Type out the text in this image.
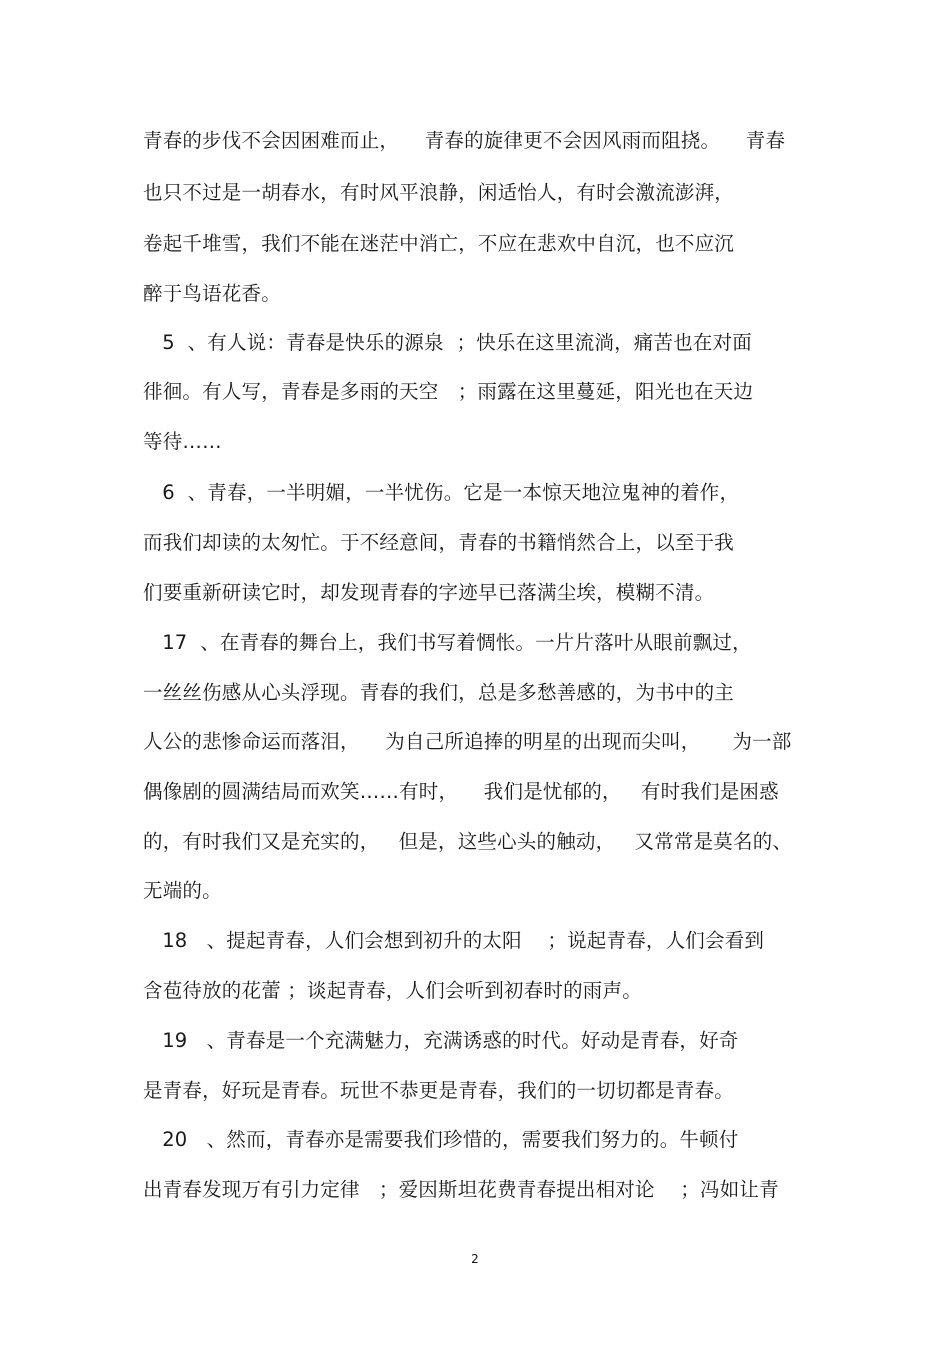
青春的步伐不会因困难而止，    青春的旋律更不会因风雨而阻挠。    青春
也只不过是一胡春水，有时风平浪静，闲适怡人，有时会激流澎湃，
卷起千堆雪，我们不能在迷茫中消亡，不应在悲欢中自沉，也不应沉
醉于鸟语花香。
5  、有人说：青春是快乐的源泉  ；快乐在这里流淌，痛苦也在对面
徘徊。有人写，青春是多雨的天空   ；雨露在这里蔓延，阳光也在天边
等待……
6  、青春，一半明媚，一半忧伤。它是一本惊天地泣鬼神的着作，
而我们却读的太匆忙。于不经意间，青春的书籍悄然合上，以至于我
们要重新研读它时，却发现青春的字迹早已落满尘埃，模糊不清。
17  、在青春的舞台上，我们书写着惆怅。一片片落叶从眼前飘过，
一丝丝伤感从心头浮现。青春的我们，总是多愁善感的，为书中的主
人公的悲惨命运而落泪，    为自己所追捧的明星的出现而尖叫，     为一部
偶像剧的圆满结局而欢笑……有时，    我们是忧郁的，   有时我们是困惑
的，有时我们又是充实的，   但是，这些心头的触动，   又常常是莫名的、
无端的。
18   、提起青春，人们会想到初升的太阳    ；说起青春，人们会看到
含苞待放的花蕾 ；谈起青春，人们会听到初春时的雨声。
19   、青春是一个充满魅力，充满诱惑的时代。好动是青春，好奇
是青春，好玩是青春。玩世不恭更是青春，我们的一切切都是青春。
20   、然而，青春亦是需要我们珍惜的，需要我们努力的。牛顿付
出青春发现万有引力定律   ；爱因斯坦花费青春提出相对论    ；冯如让青
2
